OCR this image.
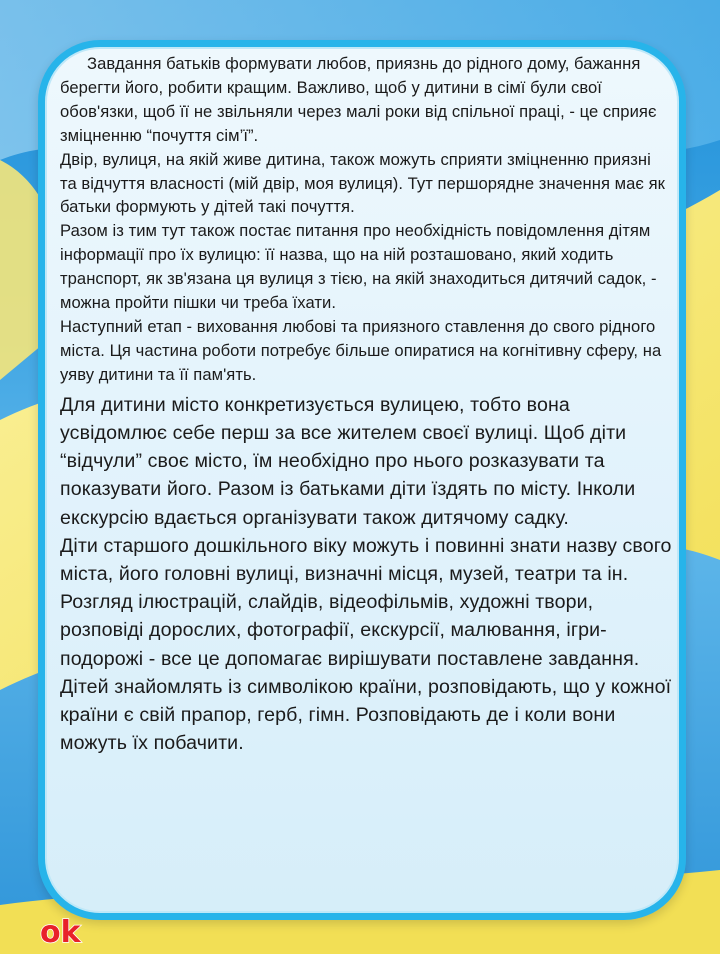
Завдання батьків формувати любов, приязнь до рідного дому, бажання берегти його, робити кращим. Важливо, щоб у дитини в сімї були свої обов'язки, щоб її не звільняли через малі роки від спільної праці, - це сприяє зміцненню “почуття сім’ї”.

Двір, вулиця, на якій живе дитина, також можуть сприяти зміцненню приязні та відчуття власності (мій двір, моя вулиця). Тут першорядне значення має як батьки формують у дітей такі почуття.

Разом із тим тут також постає питання про необхідність повідомлення дітям інформації про їх вулицю: її назва, що на ній розташовано, який ходить транспорт, як зв'язана ця вулиця з тією, на якій знаходиться дитячий садок, - можна пройти пішки чи треба їхати.

Наступний етап - виховання любові та приязного ставлення до свого рідного міста. Ця частина роботи потребує більше опиратися на когнітивну сферу, на уяву дитини та її пам'ять.

Для дитини місто конкретизується вулицею, тобто вона усвідомлює себе перш за все жителем своєї вулиці. Щоб діти “відчули” своє місто, їм необхідно про нього розказувати та показувати його. Разом із батьками діти їздять по місту. Інколи екскурсію вдається організувати також дитячому садку.

Діти старшого дошкільного віку можуть і повинні знати назву свого міста, його головні вулиці, визначні місця, музей, театри та ін.

Розгляд ілюстрацій, слайдів, відеофільмів, художні твори, розповіді дорослих, фотографії, екскурсії, малювання, ігри-подорожі - все це допомагає вирішувати поставлене завдання. Дітей знайомлять із символікою країни, розповідають, що у кожної країни є свій прапор, герб, гімн. Розповідають де і коли вони можуть їх побачити.

ok
